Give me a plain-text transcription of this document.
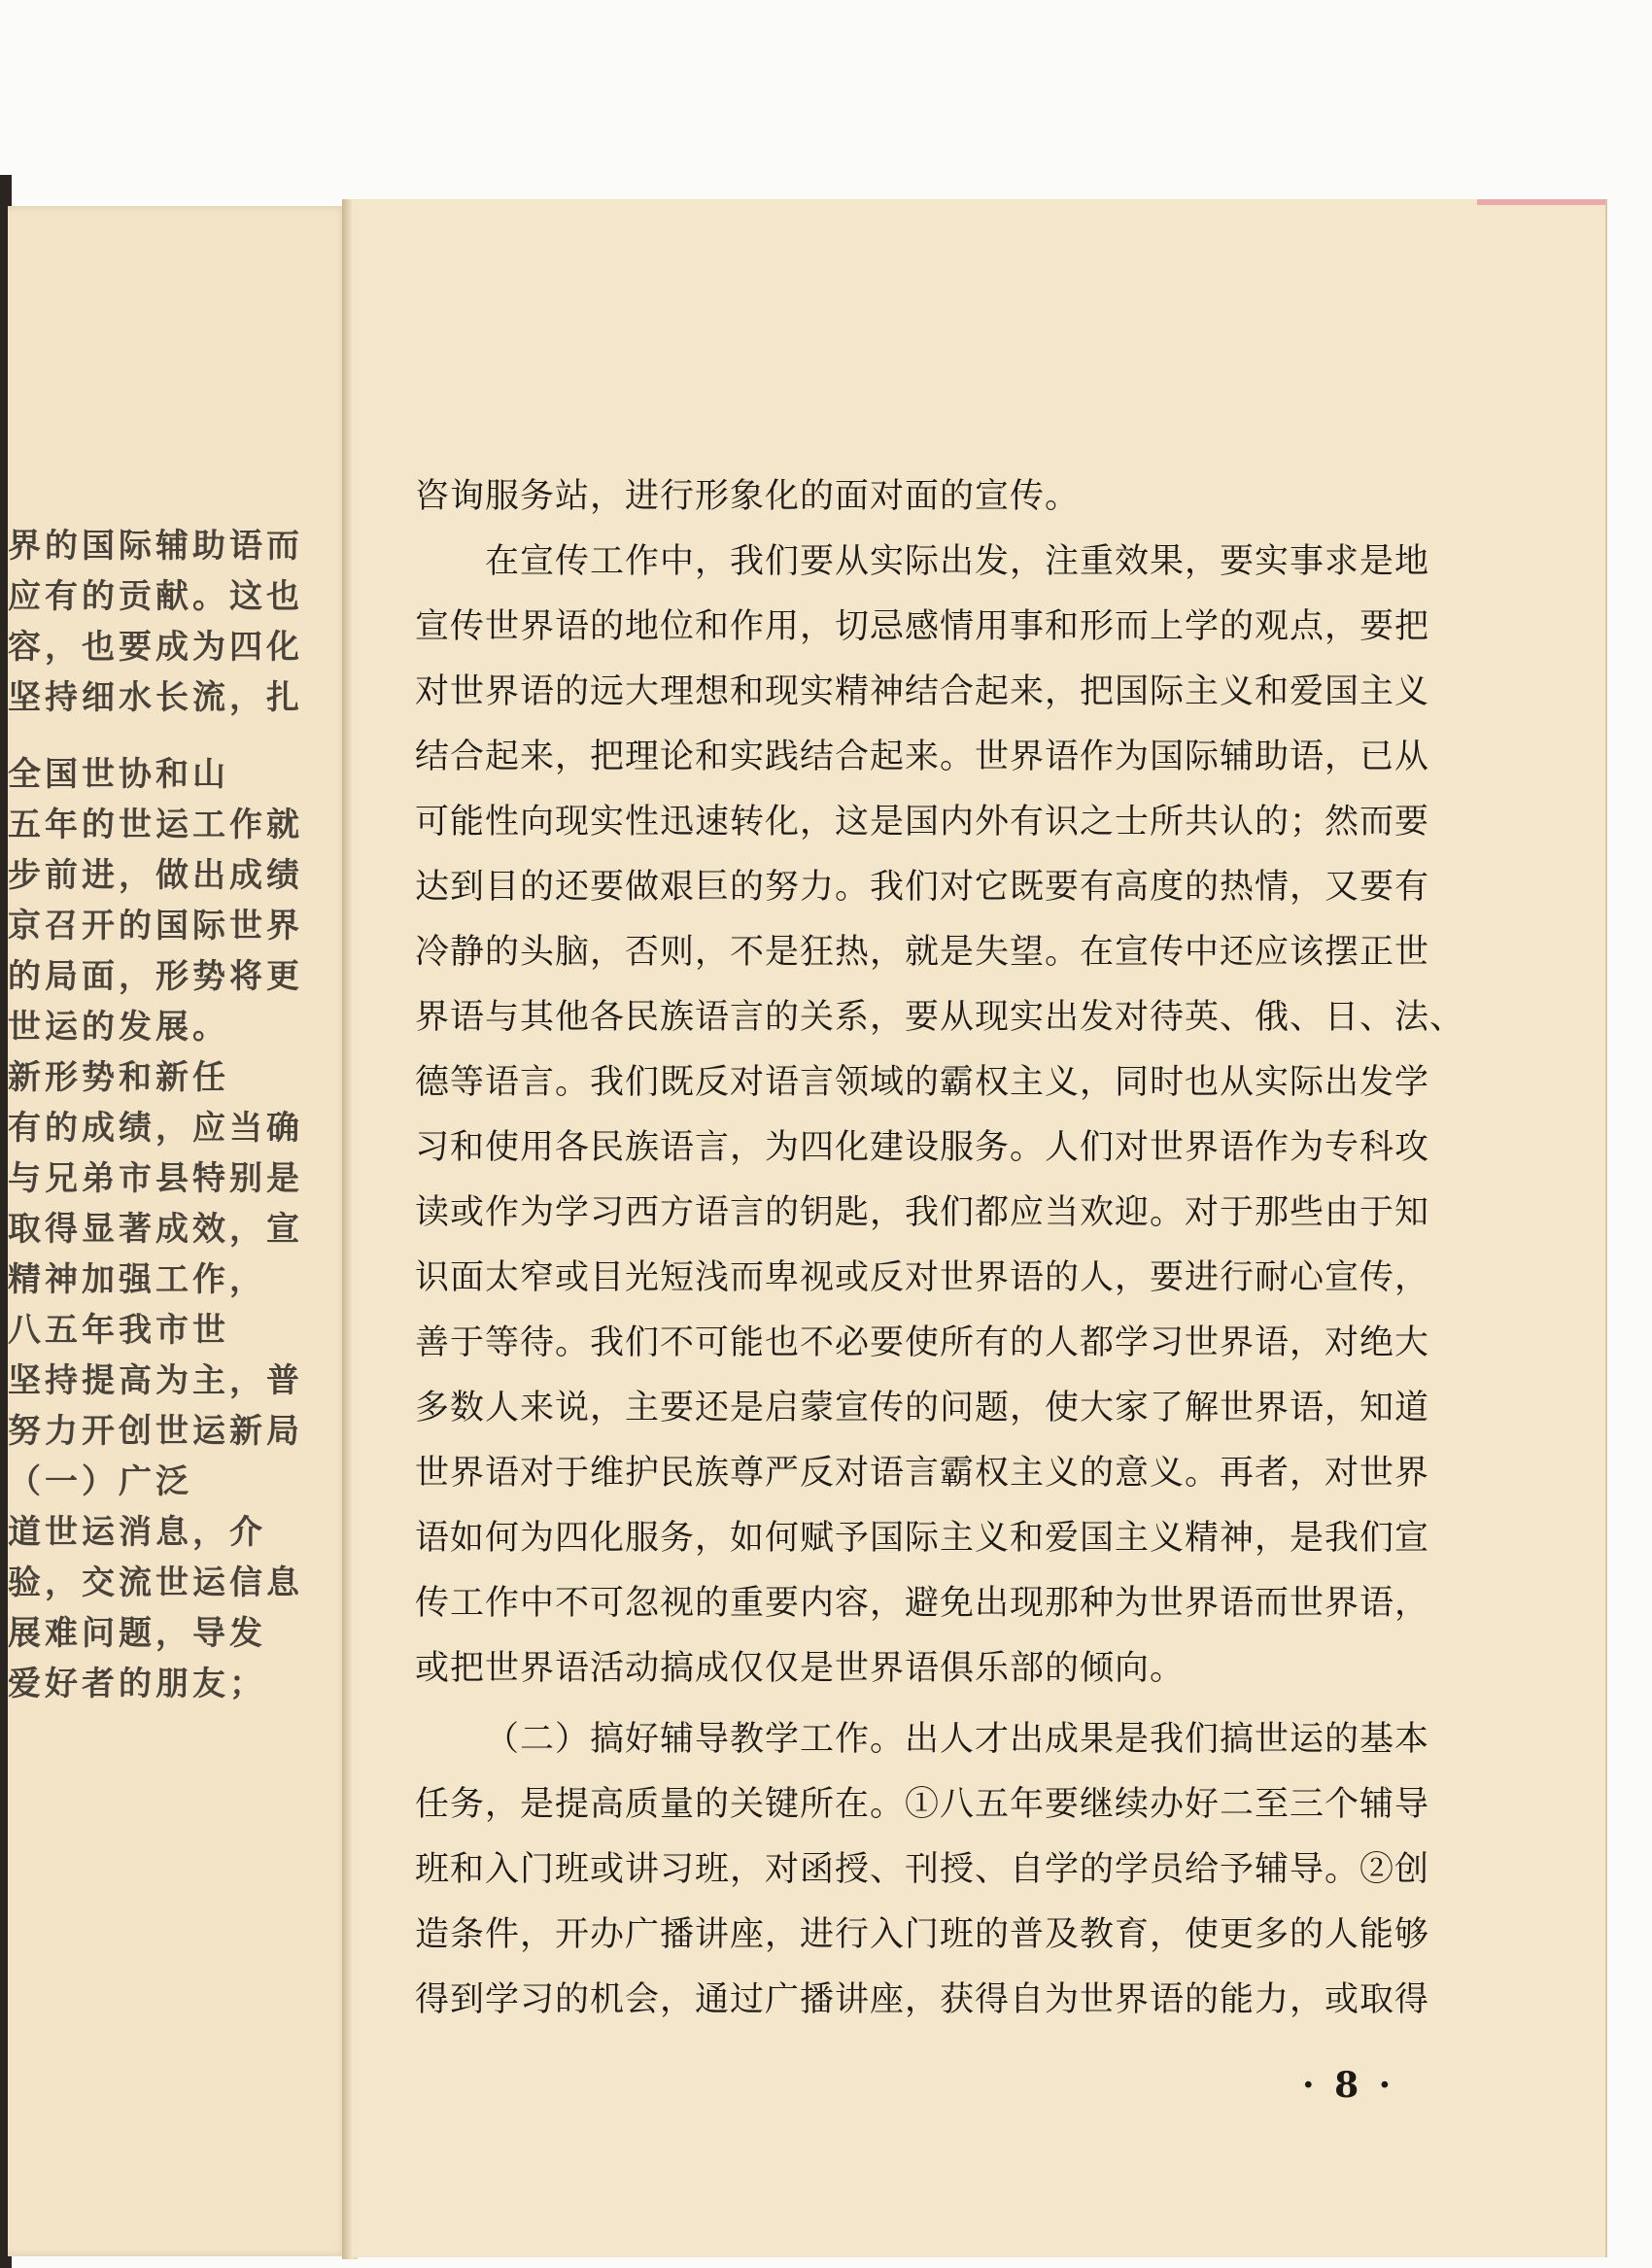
界的国际辅助语而
应有的贡献。这也
容，也要成为四化
坚持细水长流，扎
全国世协和山
五年的世运工作就
步前进，做出成绩
京召开的国际世界
的局面，形势将更
世运的发展。
新形势和新任
有的成绩，应当确
与兄弟市县特别是
取得显著成效，宣
精神加强工作，
八五年我市世
坚持提高为主，普
努力开创世运新局
（一）广泛
道世运消息，介
验，交流世运信息
展难问题，导发
爱好者的朋友；
咨询服务站，进行形象化的面对面的宣传。
在宣传工作中，我们要从实际出发，注重效果，要实事求是地
宣传世界语的地位和作用，切忌感情用事和形而上学的观点，要把
对世界语的远大理想和现实精神结合起来，把国际主义和爱国主义
结合起来，把理论和实践结合起来。世界语作为国际辅助语，已从
可能性向现实性迅速转化，这是国内外有识之士所共认的；然而要
达到目的还要做艰巨的努力。我们对它既要有高度的热情，又要有
冷静的头脑，否则，不是狂热，就是失望。在宣传中还应该摆正世
界语与其他各民族语言的关系，要从现实出发对待英、俄、日、法、
德等语言。我们既反对语言领域的霸权主义，同时也从实际出发学
习和使用各民族语言，为四化建设服务。人们对世界语作为专科攻
读或作为学习西方语言的钥匙，我们都应当欢迎。对于那些由于知
识面太窄或目光短浅而卑视或反对世界语的人，要进行耐心宣传，
善于等待。我们不可能也不必要使所有的人都学习世界语，对绝大
多数人来说，主要还是启蒙宣传的问题，使大家了解世界语，知道
世界语对于维护民族尊严反对语言霸权主义的意义。再者，对世界
语如何为四化服务，如何赋予国际主义和爱国主义精神，是我们宣
传工作中不可忽视的重要内容，避免出现那种为世界语而世界语，
或把世界语活动搞成仅仅是世界语俱乐部的倾向。
（二）搞好辅导教学工作。出人才出成果是我们搞世运的基本
任务，是提高质量的关键所在。①八五年要继续办好二至三个辅导
班和入门班或讲习班，对函授、刊授、自学的学员给予辅导。②创
造条件，开办广播讲座，进行入门班的普及教育，使更多的人能够
得到学习的机会，通过广播讲座，获得自为世界语的能力，或取得
· 8 ·
